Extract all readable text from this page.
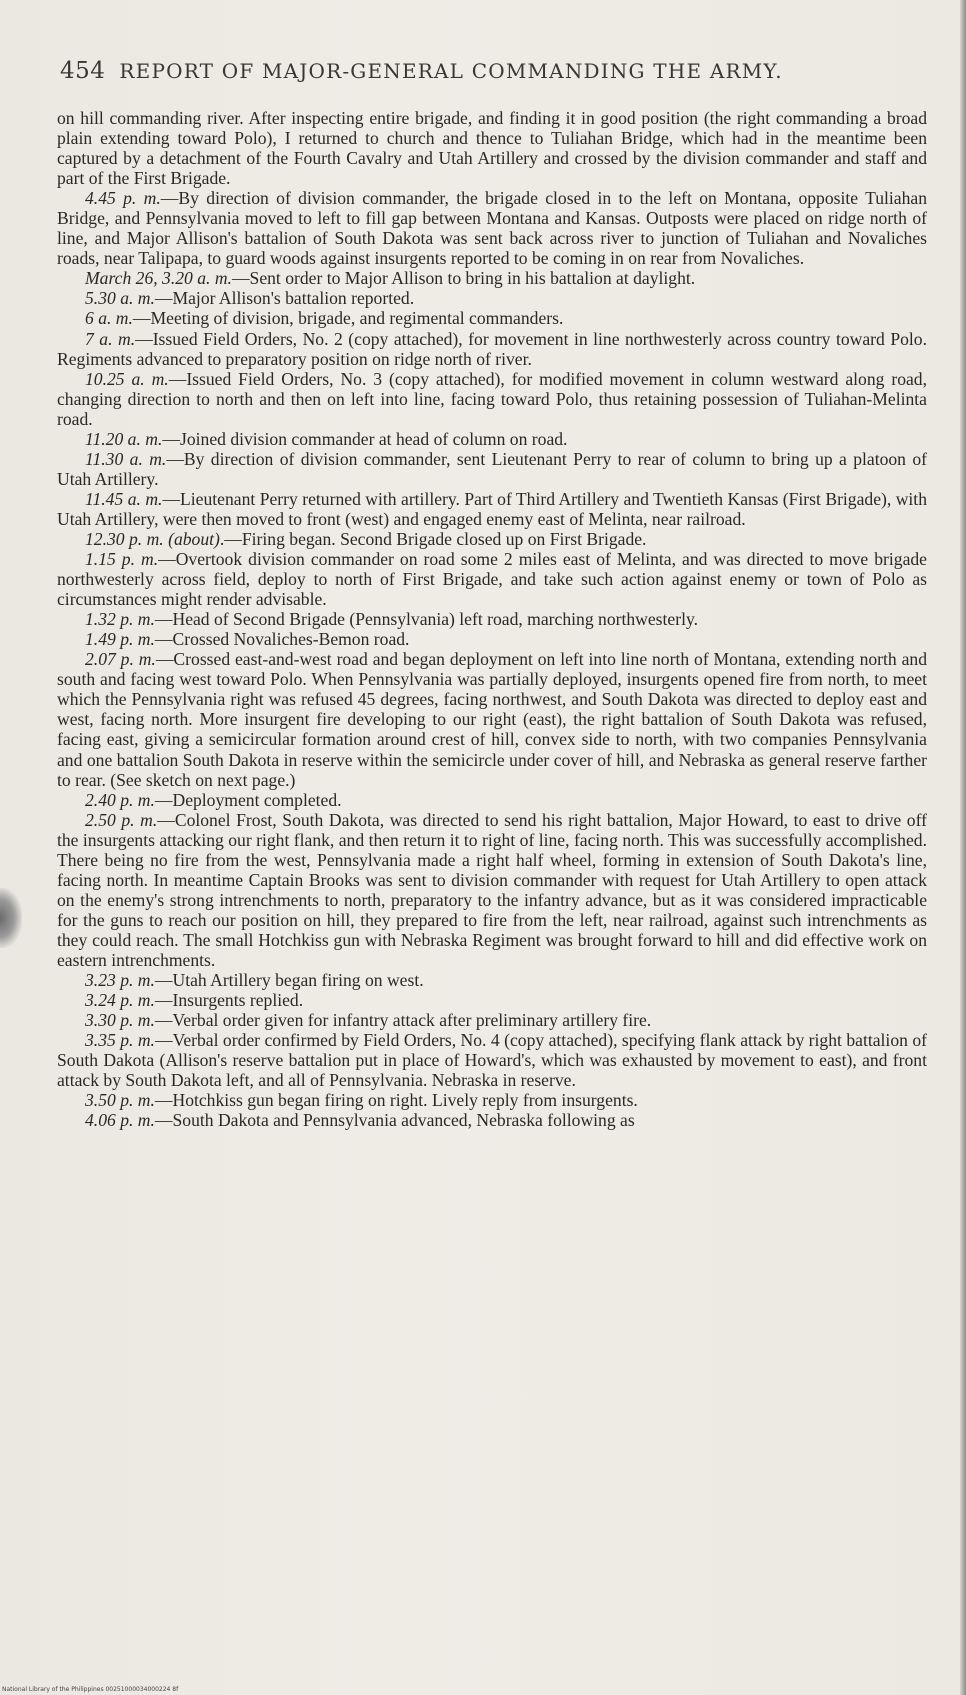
454 REPORT OF MAJOR-GENERAL COMMANDING THE ARMY.

on hill commanding river. After inspecting entire brigade, and finding it in good position (the right commanding a broad plain extending toward Polo), I returned to church and thence to Tuliahan Bridge, which had in the meantime been captured by a detachment of the Fourth Cavalry and Utah Artillery and crossed by the division commander and staff and part of the First Brigade.

4.45 p. m.—By direction of division commander, the brigade closed in to the left on Montana, opposite Tuliahan Bridge, and Pennsylvania moved to left to fill gap between Montana and Kansas. Outposts were placed on ridge north of line, and Major Allison's battalion of South Dakota was sent back across river to junction of Tuliahan and Novaliches roads, near Talipapa, to guard woods against insurgents reported to be coming in on rear from Novaliches.

March 26, 3.20 a. m.—Sent order to Major Allison to bring in his battalion at daylight.

5.30 a. m.—Major Allison's battalion reported.

6 a. m.—Meeting of division, brigade, and regimental commanders.

7 a. m.—Issued Field Orders, No. 2 (copy attached), for movement in line northwesterly across country toward Polo. Regiments advanced to preparatory position on ridge north of river.

10.25 a. m.—Issued Field Orders, No. 3 (copy attached), for modified movement in column westward along road, changing direction to north and then on left into line, facing toward Polo, thus retaining possession of Tuliahan-Melinta road.

11.20 a. m.—Joined division commander at head of column on road.

11.30 a. m.—By direction of division commander, sent Lieutenant Perry to rear of column to bring up a platoon of Utah Artillery.

11.45 a. m.—Lieutenant Perry returned with artillery. Part of Third Artillery and Twentieth Kansas (First Brigade), with Utah Artillery, were then moved to front (west) and engaged enemy east of Melinta, near railroad.

12.30 p. m. (about).—Firing began. Second Brigade closed up on First Brigade.

1.15 p. m.—Overtook division commander on road some 2 miles east of Melinta, and was directed to move brigade northwesterly across field, deploy to north of First Brigade, and take such action against enemy or town of Polo as circumstances might render advisable.

1.32 p. m.—Head of Second Brigade (Pennsylvania) left road, marching northwesterly.

1.49 p. m.—Crossed Novaliches-Bemon road.

2.07 p. m.—Crossed east-and-west road and began deployment on left into line north of Montana, extending north and south and facing west toward Polo. When Pennsylvania was partially deployed, insurgents opened fire from north, to meet which the Pennsylvania right was refused 45 degrees, facing northwest, and South Dakota was directed to deploy east and west, facing north. More insurgent fire developing to our right (east), the right battalion of South Dakota was refused, facing east, giving a semicircular formation around crest of hill, convex side to north, with two companies Pennsylvania and one battalion South Dakota in reserve within the semicircle under cover of hill, and Nebraska as general reserve farther to rear. (See sketch on next page.)

2.40 p. m.—Deployment completed.

2.50 p. m.—Colonel Frost, South Dakota, was directed to send his right battalion, Major Howard, to east to drive off the insurgents attacking our right flank, and then return it to right of line, facing north. This was successfully accomplished. There being no fire from the west, Pennsylvania made a right half wheel, forming in extension of South Dakota's line, facing north. In meantime Captain Brooks was sent to division commander with request for Utah Artillery to open attack on the enemy's strong intrenchments to north, preparatory to the infantry advance, but as it was considered impracticable for the guns to reach our position on hill, they prepared to fire from the left, near railroad, against such intrenchments as they could reach. The small Hotchkiss gun with Nebraska Regiment was brought forward to hill and did effective work on eastern intrenchments.

3.23 p. m.—Utah Artillery began firing on west.

3.24 p. m.—Insurgents replied.

3.30 p. m.—Verbal order given for infantry attack after preliminary artillery fire.

3.35 p. m.—Verbal order confirmed by Field Orders, No. 4 (copy attached), specifying flank attack by right battalion of South Dakota (Allison's reserve battalion put in place of Howard's, which was exhausted by movement to east), and front attack by South Dakota left, and all of Pennsylvania. Nebraska in reserve.

3.50 p. m.—Hotchkiss gun began firing on right. Lively reply from insurgents.

4.06 p. m.—South Dakota and Pennsylvania advanced, Nebraska following as

National Library of the Philippines 00251000034000224 8f
